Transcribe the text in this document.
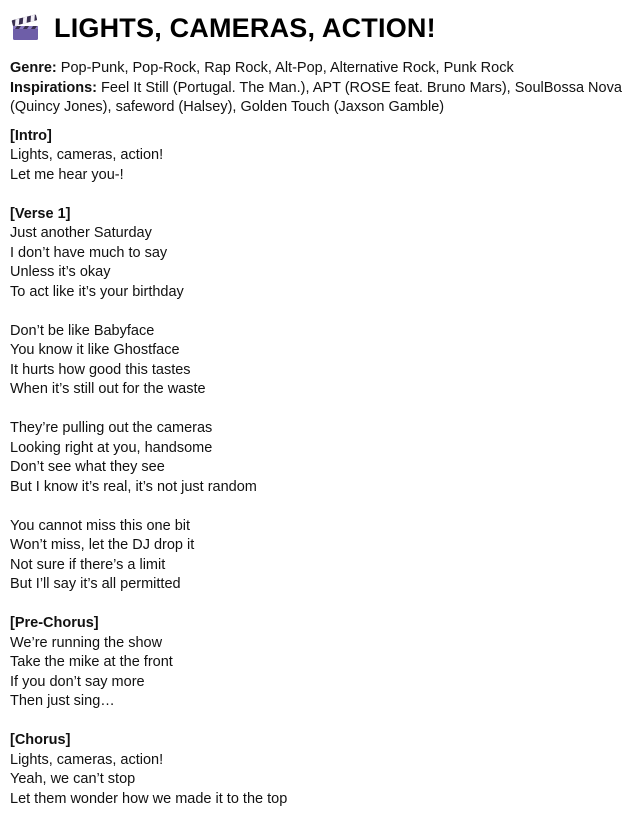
LIGHTS, CAMERAS, ACTION!
Genre: Pop-Punk, Pop-Rock, Rap Rock, Alt-Pop, Alternative Rock, Punk Rock
Inspirations: Feel It Still (Portugal. The Man.), APT (ROSE feat. Bruno Mars), SoulBossa Nova (Quincy Jones), safeword (Halsey), Golden Touch (Jaxson Gamble)
[Intro]
Lights, cameras, action!
Let me hear you-!
[Verse 1]
Just another Saturday
I don’t have much to say
Unless it’s okay
To act like it’s your birthday
Don’t be like Babyface
You know it like Ghostface
It hurts how good this tastes
When it’s still out for the waste
They’re pulling out the cameras
Looking right at you, handsome
Don’t see what they see
But I know it’s real, it’s not just random
You cannot miss this one bit
Won’t miss, let the DJ drop it
Not sure if there’s a limit
But I’ll say it’s all permitted
[Pre-Chorus]
We’re running the show
Take the mike at the front
If you don’t say more
Then just sing…
[Chorus]
Lights, cameras, action!
Yeah, we can’t stop
Let them wonder how we made it to the top
